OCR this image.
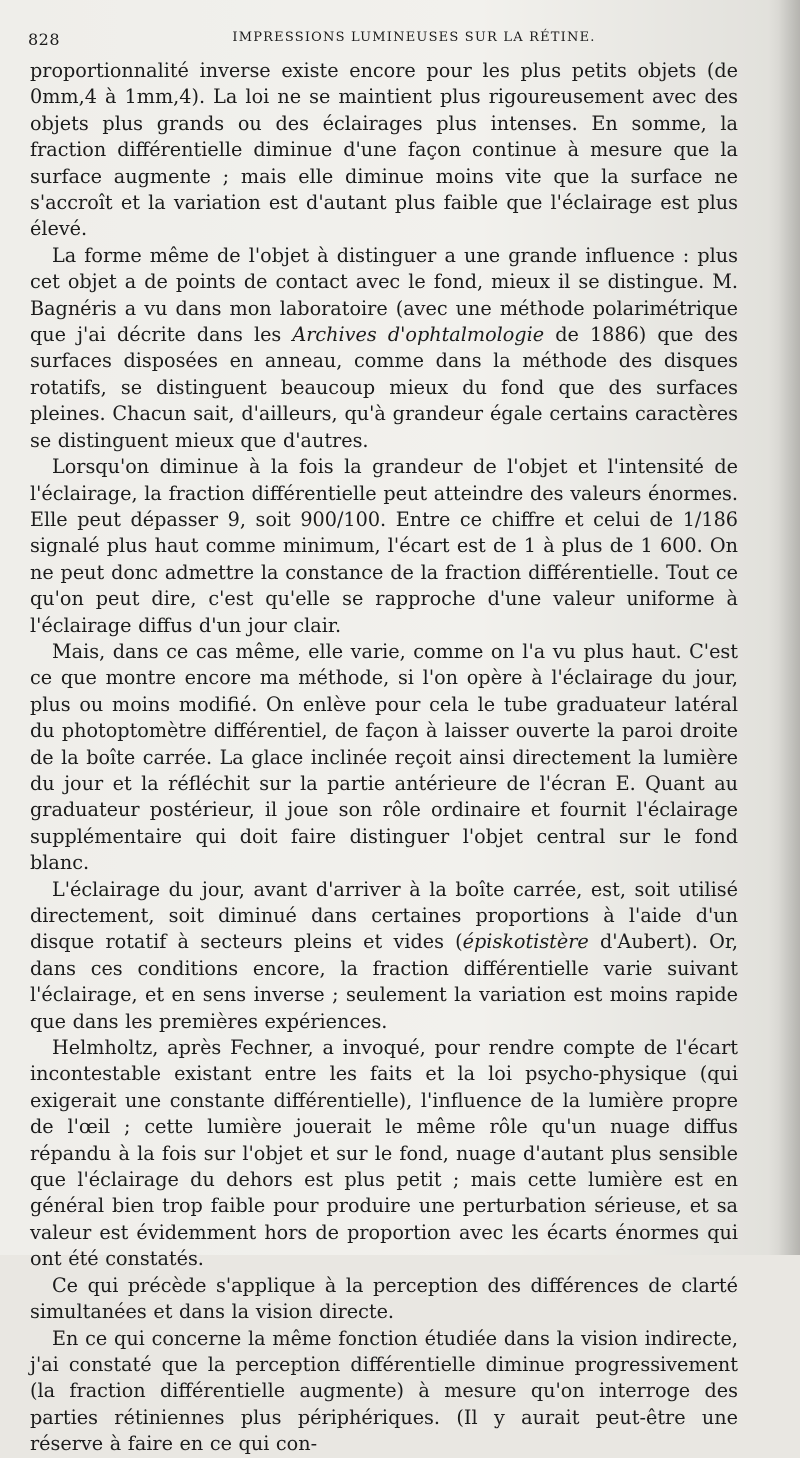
828	IMPRESSIONS LUMINEUSES SUR LA RÉTINE.

proportionnalité inverse existe encore pour les plus petits objets (de 0mm,4 à 1mm,4). La loi ne se maintient plus rigoureusement avec des objets plus grands ou des éclairages plus intenses. En somme, la fraction différentielle diminue d'une façon continue à mesure que la surface augmente ; mais elle diminue moins vite que la surface ne s'accroît et la variation est d'autant plus faible que l'éclairage est plus élevé.

La forme même de l'objet à distinguer a une grande influence : plus cet objet a de points de contact avec le fond, mieux il se distingue. M. Bagnéris a vu dans mon laboratoire (avec une méthode polarimétrique que j'ai décrite dans les Archives d'ophtalmologie de 1886) que des surfaces disposées en anneau, comme dans la méthode des disques rotatifs, se distinguent beaucoup mieux du fond que des surfaces pleines. Chacun sait, d'ailleurs, qu'à grandeur égale certains caractères se distinguent mieux que d'autres.

Lorsqu'on diminue à la fois la grandeur de l'objet et l'intensité de l'éclairage, la fraction différentielle peut atteindre des valeurs énormes. Elle peut dépasser 9, soit 900/100. Entre ce chiffre et celui de 1/186 signalé plus haut comme minimum, l'écart est de 1 à plus de 1 600. On ne peut donc admettre la constance de la fraction différentielle. Tout ce qu'on peut dire, c'est qu'elle se rapproche d'une valeur uniforme à l'éclairage diffus d'un jour clair.

Mais, dans ce cas même, elle varie, comme on l'a vu plus haut. C'est ce que montre encore ma méthode, si l'on opère à l'éclairage du jour, plus ou moins modifié. On enlève pour cela le tube graduateur latéral du photoptomètre différentiel, de façon à laisser ouverte la paroi droite de la boîte carrée. La glace inclinée reçoit ainsi directement la lumière du jour et la réfléchit sur la partie antérieure de l'écran E. Quant au graduateur postérieur, il joue son rôle ordinaire et fournit l'éclairage supplémentaire qui doit faire distinguer l'objet central sur le fond blanc.

L'éclairage du jour, avant d'arriver à la boîte carrée, est, soit utilisé directement, soit diminué dans certaines proportions à l'aide d'un disque rotatif à secteurs pleins et vides (épiskotistère d'Aubert). Or, dans ces conditions encore, la fraction différentielle varie suivant l'éclairage, et en sens inverse ; seulement la variation est moins rapide que dans les premières expériences.

Helmholtz, après Fechner, a invoqué, pour rendre compte de l'écart incontestable existant entre les faits et la loi psycho-physique (qui exigerait une constante différentielle), l'influence de la lumière propre de l'œil ; cette lumière jouerait le même rôle qu'un nuage diffus répandu à la fois sur l'objet et sur le fond, nuage d'autant plus sensible que l'éclairage du dehors est plus petit ; mais cette lumière est en général bien trop faible pour produire une perturbation sérieuse, et sa valeur est évidemment hors de proportion avec les écarts énormes qui ont été constatés.

Ce qui précède s'applique à la perception des différences de clarté simultanées et dans la vision directe.

En ce qui concerne la même fonction étudiée dans la vision indirecte, j'ai constaté que la perception différentielle diminue progressivement (la fraction différentielle augmente) à mesure qu'on interroge des parties rétiniennes plus périphériques. (Il y aurait peut-être une réserve à faire en ce qui con-
